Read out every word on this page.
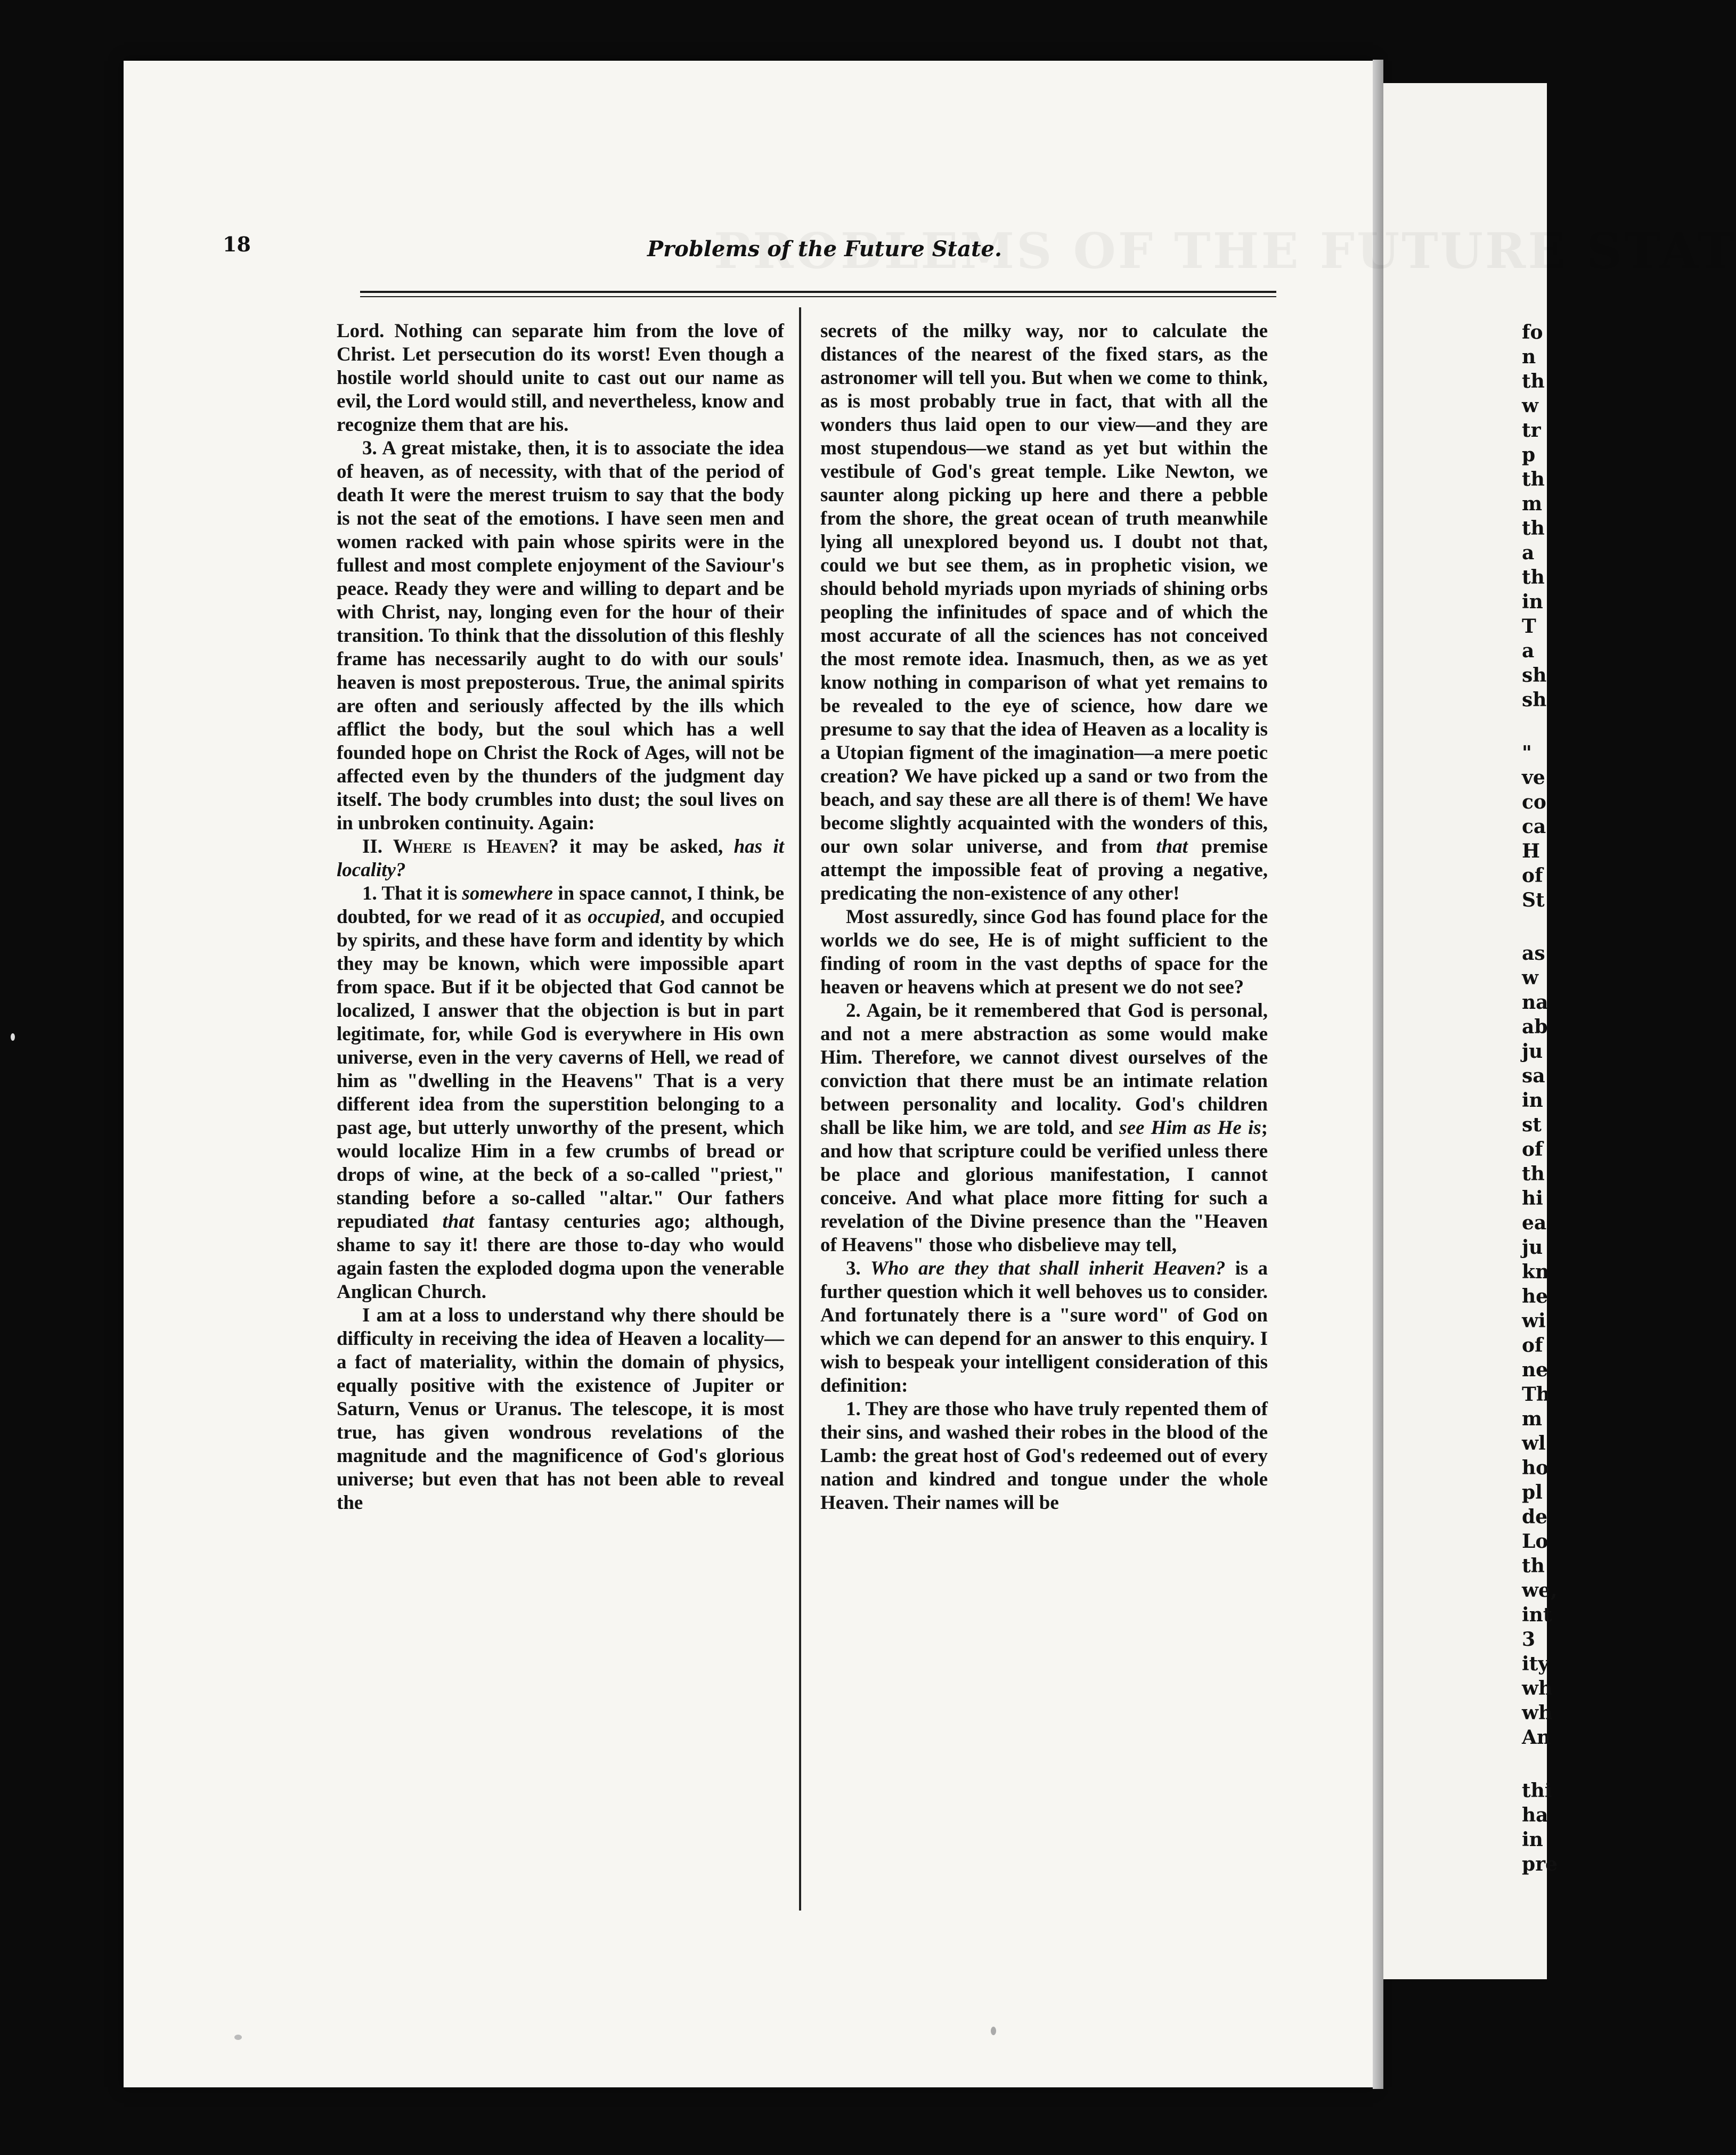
fo
n
th
w
tr
p
th
m
th
a
th
in
T
a
sh
sh
"
ve
co
ca
H
of
St
as
w
na
ab
ju
sa
in
st
of
th
hi
ea
ju
kn
he
wi
of
ne
Th
m
wl
ho
pl
de
Lo
th
we,
int
3
ity
wh
wh
An
thi
ha
in
pre
18	Problems of the Future State.

Lord. Nothing can separate him from the love of Christ. Let persecution do its worst! Even though a hostile world should unite to cast out our name as evil, the Lord would still, and nevertheless, know and recognize them that are his.

3. A great mistake, then, it is to associate the idea of heaven, as of necessity, with that of the period of death It were the merest truism to say that the body is not the seat of the emotions. I have seen men and women racked with pain whose spirits were in the fullest and most complete enjoyment of the Saviour's peace. Ready they were and willing to depart and be with Christ, nay, longing even for the hour of their transition. To think that the dissolution of this fleshly frame has necessarily aught to do with our souls' heaven is most preposterous. True, the animal spirits are often and seriously affected by the ills which afflict the body, but the soul which has a well founded hope on Christ the Rock of Ages, will not be affected even by the thunders of the judgment day itself. The body crumbles into dust; the soul lives on in unbroken continuity. Again:

II. Where is Heaven? it may be asked, has it locality?

1. That it is somewhere in space cannot, I think, be doubted, for we read of it as occupied, and occupied by spirits, and these have form and identity by which they may be known, which were impossible apart from space. But if it be objected that God cannot be localized, I answer that the objection is but in part legitimate, for, while God is everywhere in His own universe, even in the very caverns of Hell, we read of him as "dwelling in the Heavens" That is a very different idea from the superstition belonging to a past age, but utterly unworthy of the present, which would localize Him in a few crumbs of bread or drops of wine, at the beck of a so-called "priest," standing before a so-called "altar." Our fathers repudiated that fantasy centuries ago; although, shame to say it! there are those to-day who would again fasten the exploded dogma upon the venerable Anglican Church.

I am at a loss to understand why there should be difficulty in receiving the idea of Heaven a locality—a fact of materiality, within the domain of physics, equally positive with the existence of Jupiter or Saturn, Venus or Uranus. The telescope, it is most true, has given wondrous revelations of the magnitude and the magnificence of God's glorious universe; but even that has not been able to reveal the

secrets of the milky way, nor to calculate the distances of the nearest of the fixed stars, as the astronomer will tell you. But when we come to think, as is most probably true in fact, that with all the wonders thus laid open to our view—and they are most stupendous—we stand as yet but within the vestibule of God's great temple. Like Newton, we saunter along picking up here and there a pebble from the shore, the great ocean of truth meanwhile lying all unexplored beyond us. I doubt not that, could we but see them, as in prophetic vision, we should behold myriads upon myriads of shining orbs peopling the infinitudes of space and of which the most accurate of all the sciences has not conceived the most remote idea. Inasmuch, then, as we as yet know nothing in comparison of what yet remains to be revealed to the eye of science, how dare we presume to say that the idea of Heaven as a locality is a Utopian figment of the imagination—a mere poetic creation? We have picked up a sand or two from the beach, and say these are all there is of them! We have become slightly acquainted with the wonders of this, our own solar universe, and from that premise attempt the impossible feat of proving a negative, predicating the non-existence of any other!

Most assuredly, since God has found place for the worlds we do see, He is of might sufficient to the finding of room in the vast depths of space for the heaven or heavens which at present we do not see?

2. Again, be it remembered that God is personal, and not a mere abstraction as some would make Him. Therefore, we cannot divest ourselves of the conviction that there must be an intimate relation between personality and locality. God's children shall be like him, we are told, and see Him as He is; and how that scripture could be verified unless there be place and glorious manifestation, I cannot conceive. And what place more fitting for such a revelation of the Divine presence than the "Heaven of Heavens" those who disbelieve may tell,

3. Who are they that shall inherit Heaven? is a further question which it well behoves us to consider. And fortunately there is a "sure word" of God on which we can depend for an answer to this enquiry. I wish to bespeak your intelligent consideration of this definition:

1. They are those who have truly repented them of their sins, and washed their robes in the blood of the Lamb: the great host of God's redeemed out of every nation and kindred and tongue under the whole Heaven. Their names will be
